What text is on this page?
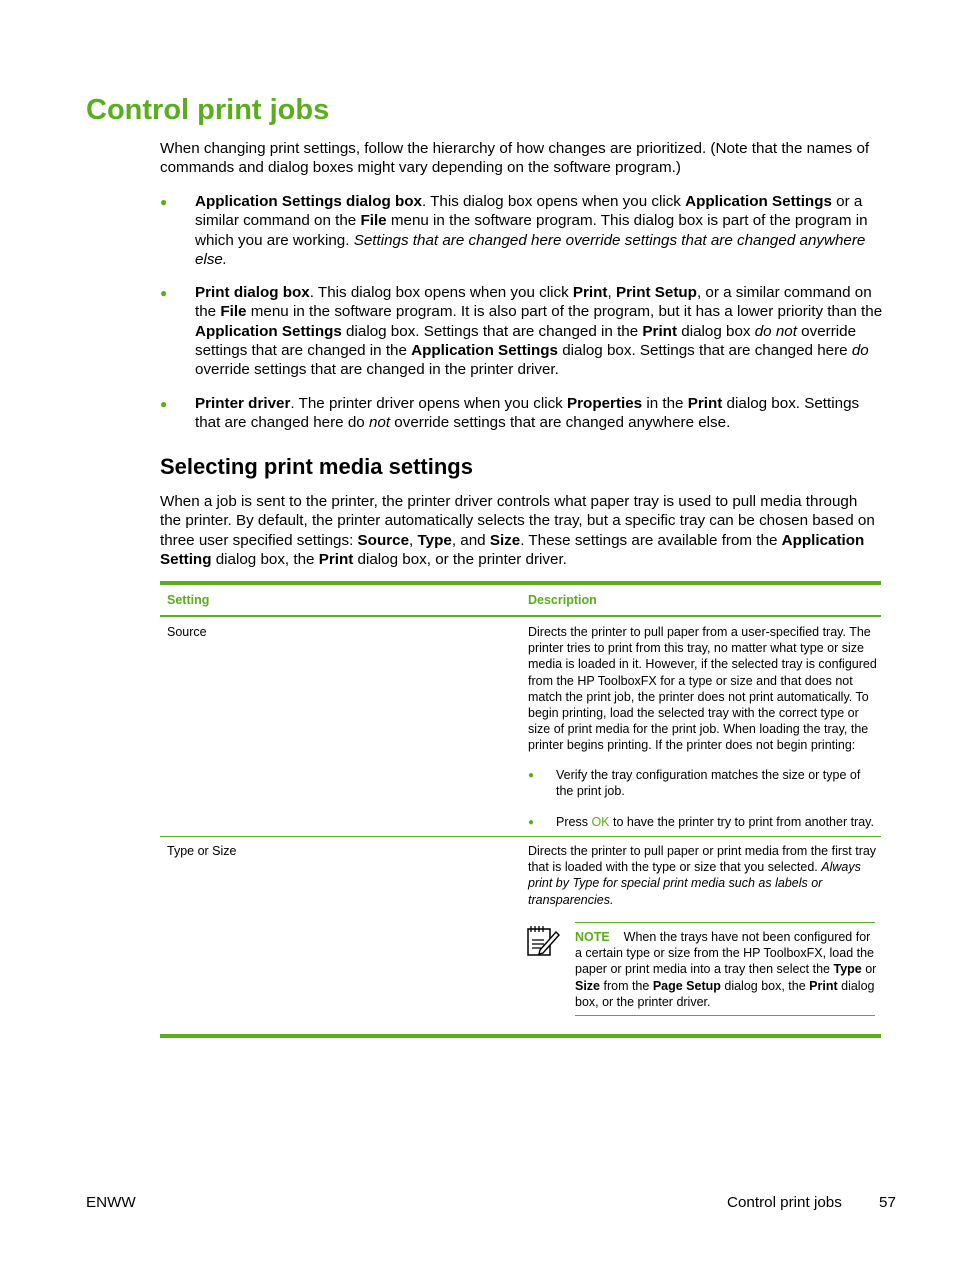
Control print jobs
When changing print settings, follow the hierarchy of how changes are prioritized. (Note that the names of commands and dialog boxes might vary depending on the software program.)
● Application Settings dialog box. This dialog box opens when you click Application Settings or a similar command on the File menu in the software program. This dialog box is part of the program in which you are working. Settings that are changed here override settings that are changed anywhere else.
● Print dialog box. This dialog box opens when you click Print, Print Setup, or a similar command on the File menu in the software program. It is also part of the program, but it has a lower priority than the Application Settings dialog box. Settings that are changed in the Print dialog box do not override settings that are changed in the Application Settings dialog box. Settings that are changed here do override settings that are changed in the printer driver.
● Printer driver. The printer driver opens when you click Properties in the Print dialog box. Settings that are changed here do not override settings that are changed anywhere else.
Selecting print media settings
When a job is sent to the printer, the printer driver controls what paper tray is used to pull media through the printer. By default, the printer automatically selects the tray, but a specific tray can be chosen based on three user specified settings: Source, Type, and Size. These settings are available from the Application Setting dialog box, the Print dialog box, or the printer driver.
Setting	Description
Source	Directs the printer to pull paper from a user-specified tray. The printer tries to print from this tray, no matter what type or size media is loaded in it. However, if the selected tray is configured from the HP ToolboxFX for a type or size and that does not match the print job, the printer does not print automatically. To begin printing, load the selected tray with the correct type or size of print media for the print job. When loading the tray, the printer begins printing. If the printer does not begin printing:
● Verify the tray configuration matches the size or type of the print job.
● Press OK to have the printer try to print from another tray.
Type or Size	Directs the printer to pull paper or print media from the first tray that is loaded with the type or size that you selected. Always print by Type for special print media such as labels or transparencies.
NOTE When the trays have not been configured for a certain type or size from the HP ToolboxFX, load the paper or print media into a tray then select the Type or Size from the Page Setup dialog box, the Print dialog box, or the printer driver.
ENWW	Control print jobs 57
